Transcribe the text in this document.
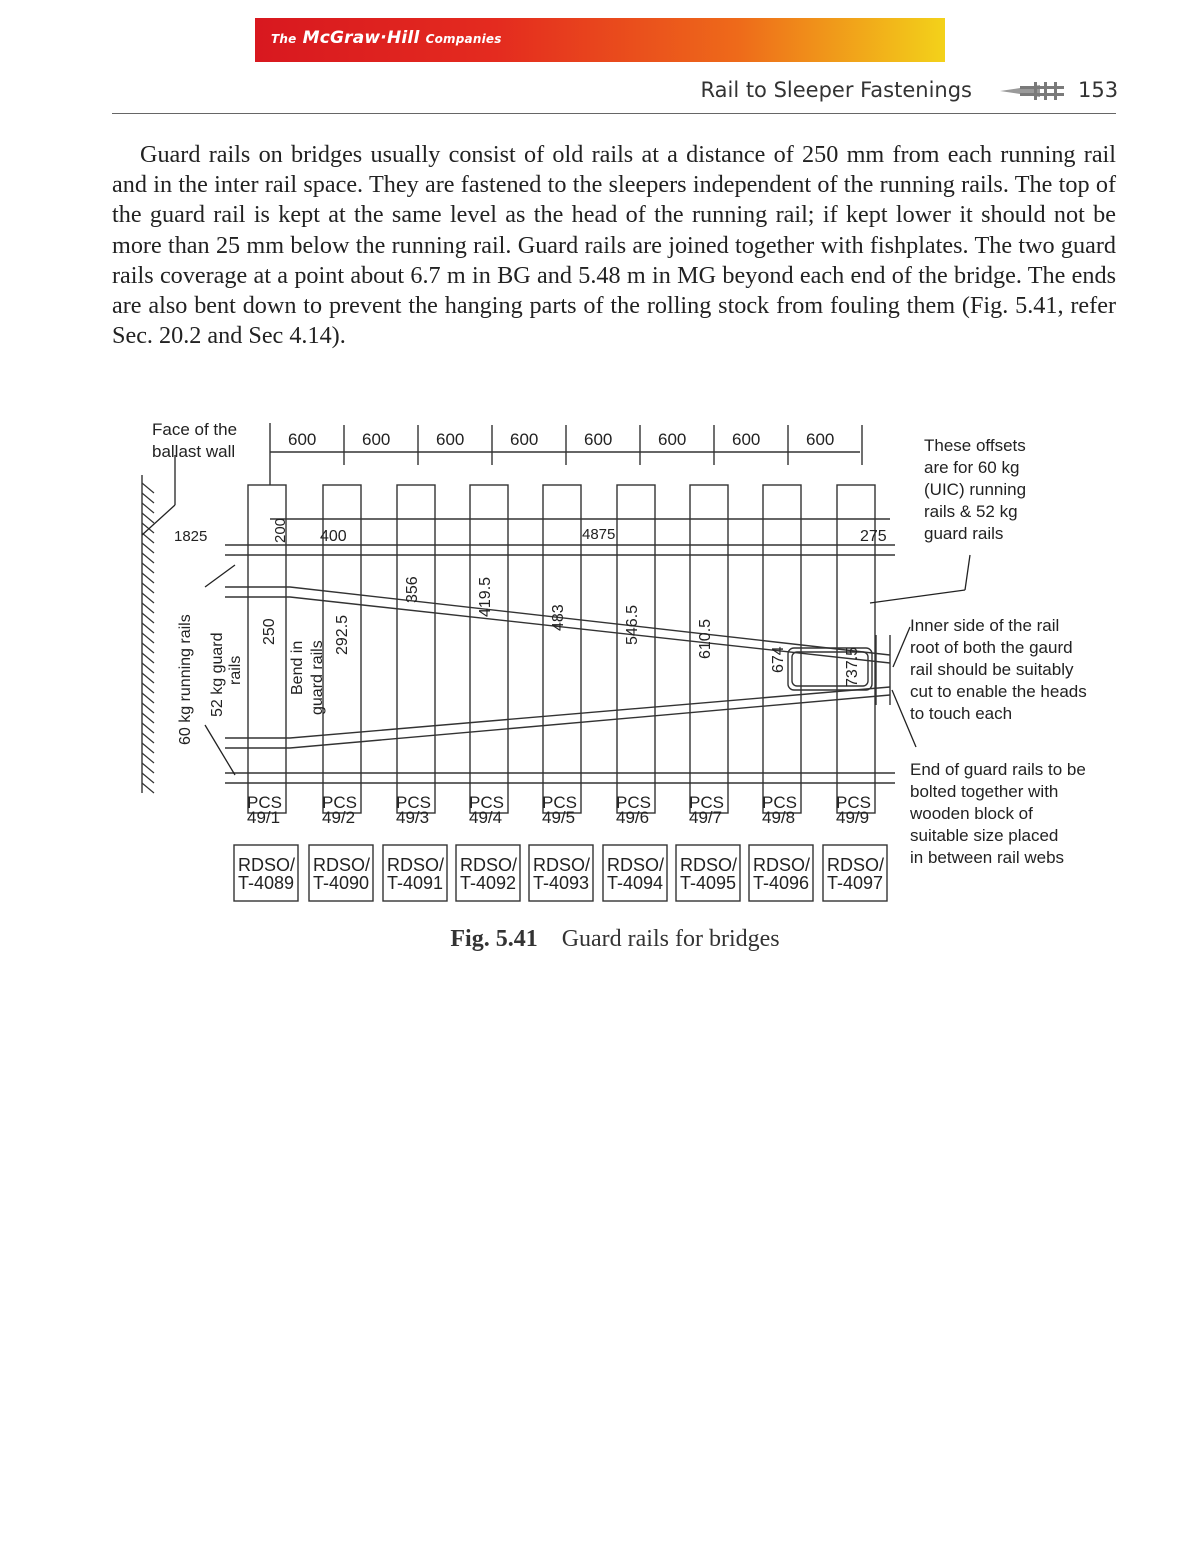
The McGraw·Hill Companies
Rail to Sleeper Fastenings	153

Guard rails on bridges usually consist of old rails at a distance of 250 mm from each running rail and in the inter rail space. They are fastened to the sleepers independent of the running rails. The top of the guard rail is kept at the same level as the head of the running rail; if kept lower it should not be more than 25 mm below the running rail. Guard rails are joined together with fishplates. The two guard rails coverage at a point about 6.7 m in BG and 5.48 m in MG beyond each end of the bridge. The ends are also bent down to prevent the hanging parts of the rolling stock from fouling them (Fig. 5.41, refer Sec. 20.2 and Sec 4.14).

600	600	600	600	600	600	600	600
356	419.5
483	546.5	610.5
674	737.5
1825	200 400	4875	275
250	292.5
PCS
49/1
RDSO/
T-4089
PCS
49/2
RDSO/
T-4090
PCS
49/3
RDSO/
T-4091
PCS
49/4
RDSO/
T-4092
PCS
49/5
RDSO/
T-4093
PCS
49/6
RDSO/
T-4094
PCS
49/7
RDSO/
T-4095
PCS
49/8
RDSO/
T-4096
PCS
49/9
RDSO/
T-4097
Face of the
ballast wall	These offsets
are for 60 kg
(UIC) running
rails & 52 kg
guard rails
Inner side of the rail
root of both the gaurd
rail should be suitably
cut to enable the heads
to touch each
End of guard rails to be
bolted together with
wooden block of
suitable size placed
in between rail webs
60 kg running rails 52 kg guard rails	Bend in guard rails
Fig. 5.41 Guard rails for bridges
